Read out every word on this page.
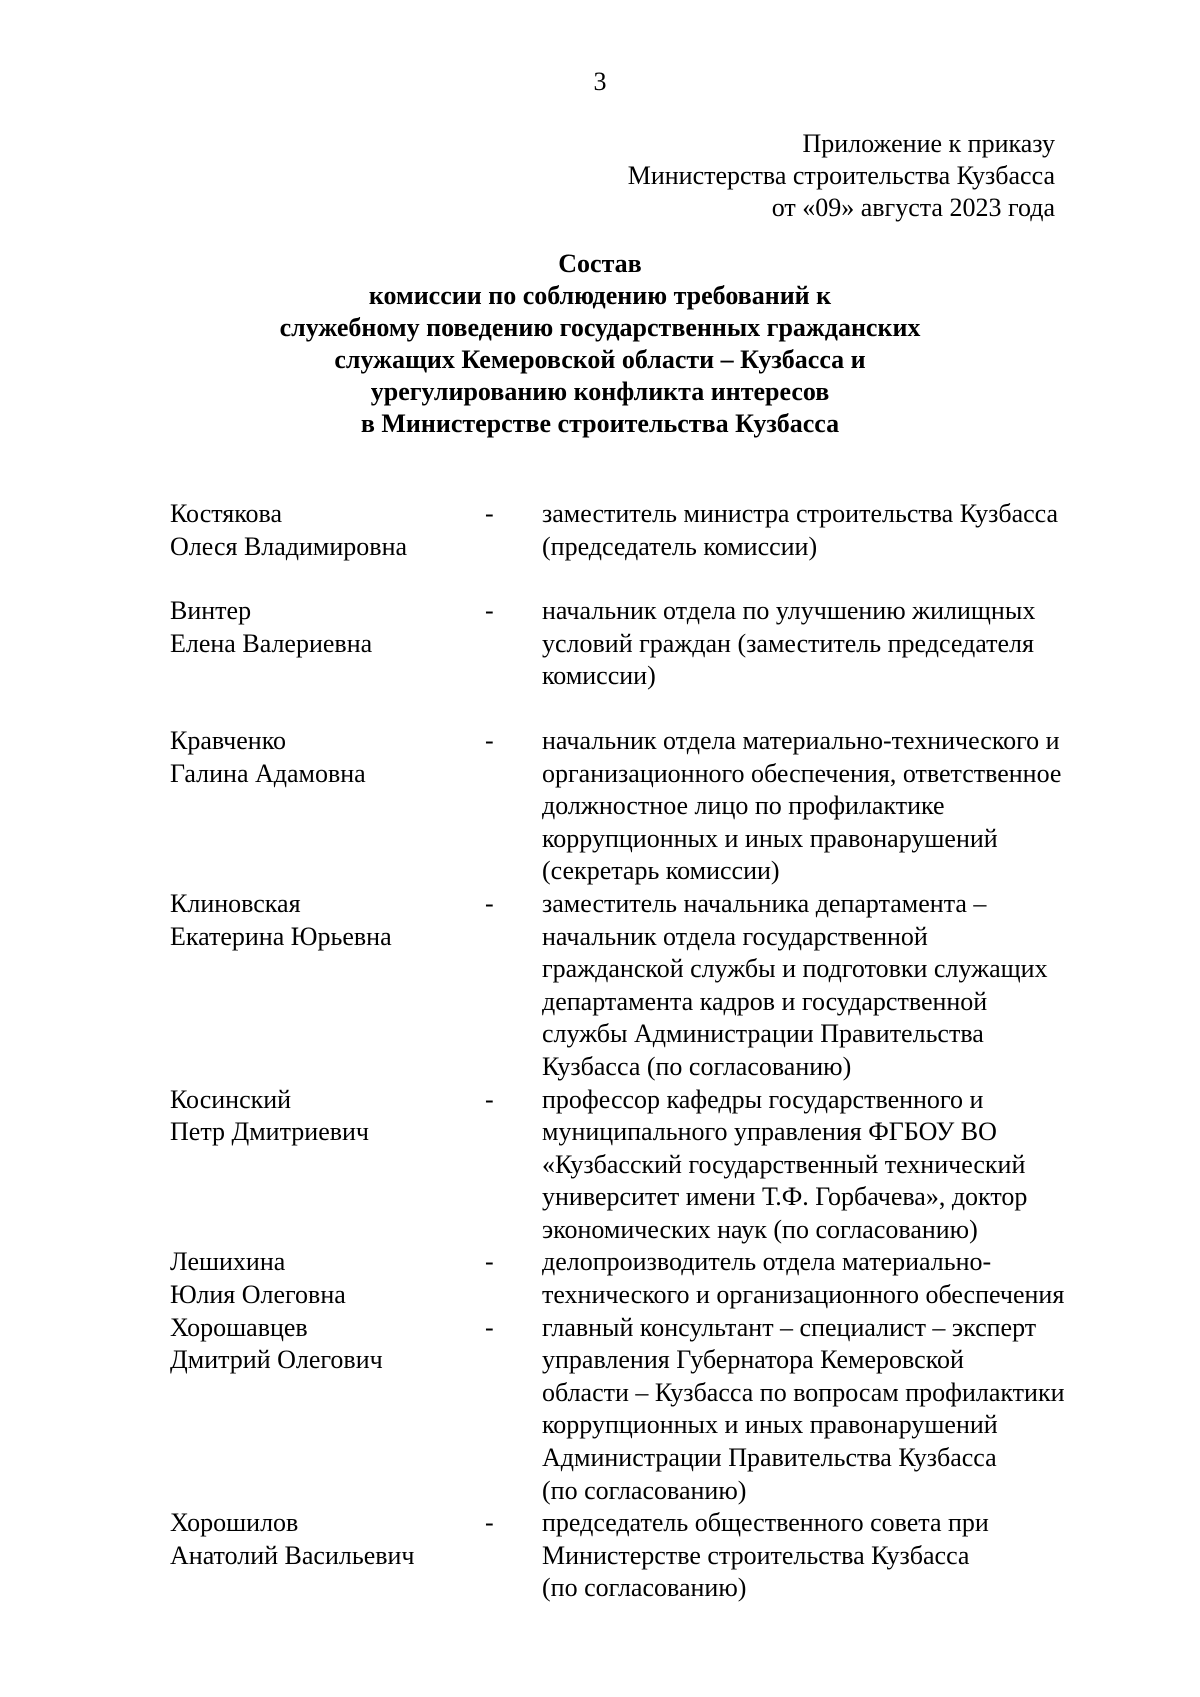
3
Приложение к приказу
Министерства строительства Кузбасса
от «09» августа 2023 года
Состав
комиссии по соблюдению требований к
служебному поведению государственных гражданских
служащих Кемеровской области – Кузбасса и
урегулированию конфликта интересов
в Министерстве строительства Кузбасса
Костякова
Олеся Владимировна
-	заместитель министра строительства Кузбасса
(председатель комиссии)
Винтер
Елена Валериевна
-	начальник отдела по улучшению жилищных
условий граждан (заместитель председателя
комиссии)
Кравченко
Галина Адамовна
-	начальник отдела материально-технического и
организационного обеспечения, ответственное
должностное лицо по профилактике
коррупционных и иных правонарушений
(секретарь комиссии)
Клиновская
Екатерина Юрьевна
-	заместитель начальника департамента –
начальник отдела государственной
гражданской службы и подготовки служащих
департамента кадров и государственной
службы Администрации Правительства
Кузбасса (по согласованию)
Косинский
Петр Дмитриевич
-	профессор кафедры государственного и
муниципального управления ФГБОУ ВО
«Кузбасский государственный технический
университет имени Т.Ф. Горбачева», доктор
экономических наук (по согласованию)
Лешихина
Юлия Олеговна
-	делопроизводитель отдела материально-
технического и организационного обеспечения
Хорошавцев
Дмитрий Олегович
-	главный консультант – специалист – эксперт
управления Губернатора Кемеровской
области – Кузбасса по вопросам профилактики
коррупционных и иных правонарушений
Администрации Правительства Кузбасса
(по согласованию)
Хорошилов
Анатолий Васильевич
-	председатель общественного совета при
Министерстве строительства Кузбасса
(по согласованию)
